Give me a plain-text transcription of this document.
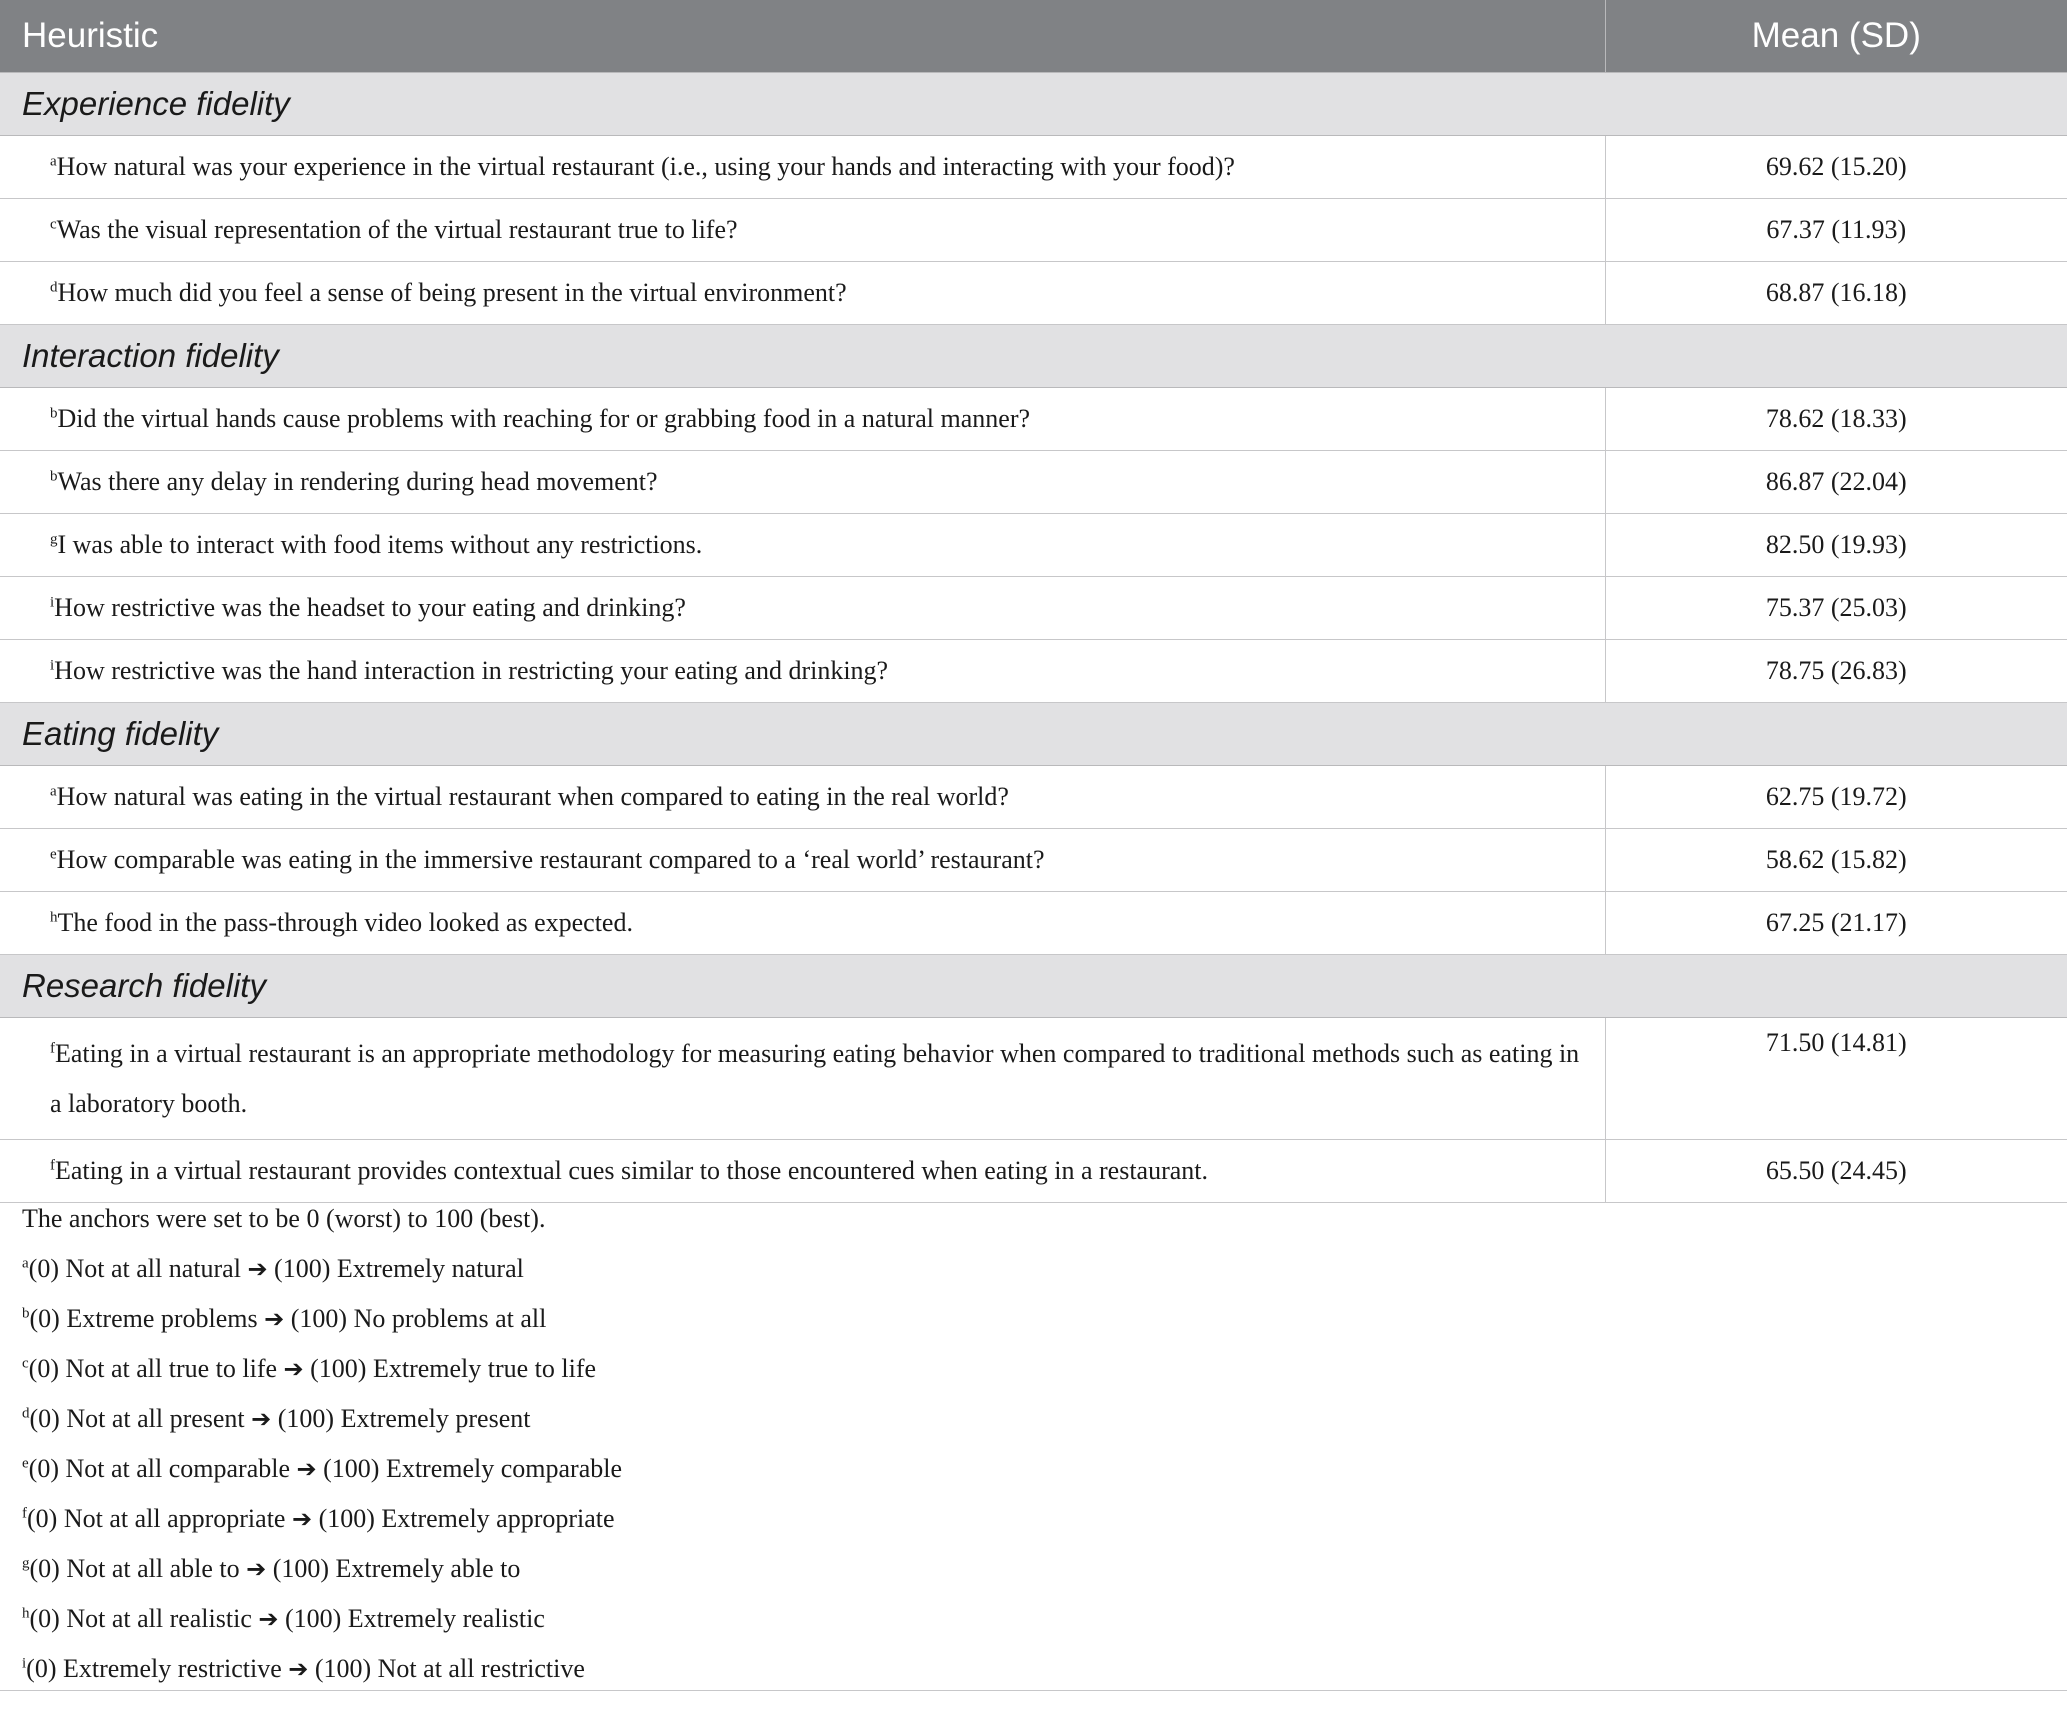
Heuristic	Mean (SD)
Experience fidelity	
$^a$How natural was your experience in the virtual restaurant (i.e., using your hands and interacting with your food)?	69.62 (15.20)
$^c$Was the visual representation of the virtual restaurant true to life?	67.37 (11.93)
$^d$How much did you feel a sense of being present in the virtual environment?	68.87 (16.18)
Interaction fidelity	
$^b$Did the virtual hands cause problems with reaching for or grabbing food in a natural manner?	78.62 (18.33)
$^b$Was there any delay in rendering during head movement?	86.87 (22.04)
$^g$I was able to interact with food items without any restrictions.	82.50 (19.93)
$^i$How restrictive was the headset to your eating and drinking?	75.37 (25.03)
$^i$How restrictive was the hand interaction in restricting your eating and drinking?	78.75 (26.83)
Eating fidelity	
$^a$How natural was eating in the virtual restaurant when compared to eating in the real world?	62.75 (19.72)
$^e$How comparable was eating in the immersive restaurant compared to a ‘real world’ restaurant?	58.62 (15.82)
$^h$The food in the pass-through video looked as expected.	67.25 (21.17)
Research fidelity	
$^f$Eating in a virtual restaurant is an appropriate methodology for measuring eating behavior when compared to traditional methods such as eating in a laboratory booth.	71.50 (14.81)
$^f$Eating in a virtual restaurant provides contextual cues similar to those encountered when eating in a restaurant.	65.50 (24.45)
The anchors were set to be 0 (worst) to 100 (best).
$^a$(0) Not at all natural ➔ (100) Extremely natural
$^b$(0) Extreme problems ➔ (100) No problems at all
$^c$(0) Not at all true to life ➔ (100) Extremely true to life
$^d$(0) Not at all present ➔ (100) Extremely present
$^e$(0) Not at all comparable ➔ (100) Extremely comparable
$^f$(0) Not at all appropriate ➔ (100) Extremely appropriate
$^g$(0) Not at all able to ➔ (100) Extremely able to
$^h$(0) Not at all realistic ➔ (100) Extremely realistic
$^i$(0) Extremely restrictive ➔ (100) Not at all restrictive
